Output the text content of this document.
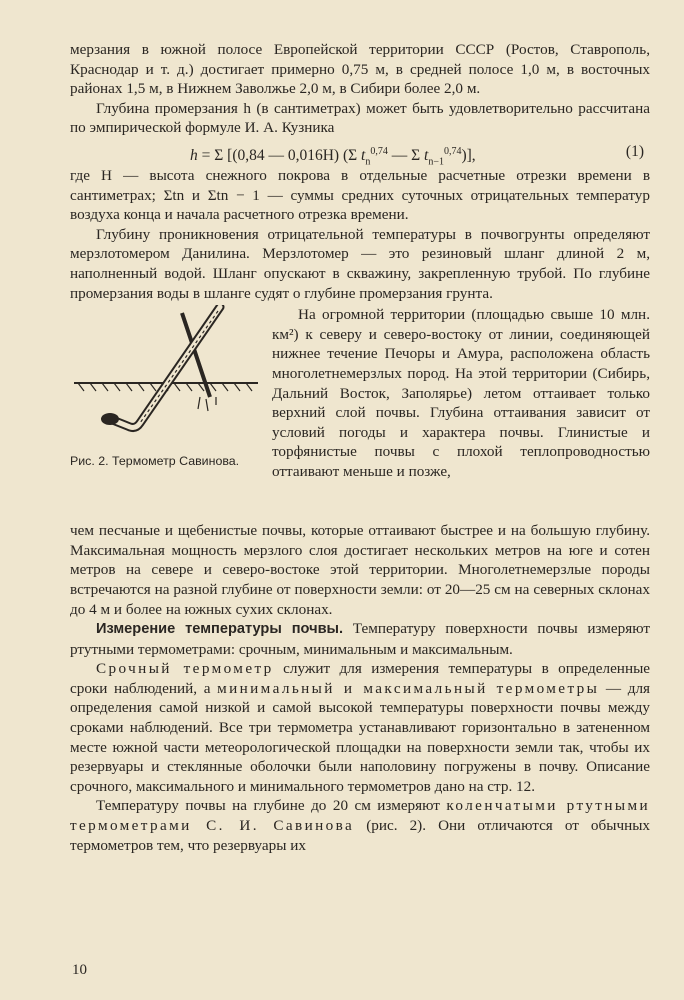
мерзания в южной полосе Европейской территории СССР (Ростов, Ставрополь, Краснодар и т. д.) достигает примерно 0,75 м, в средней полосе 1,0 м, в восточных районах 1,5 м, в Нижнем Заволжье 2,0 м, в Сибири более 2,0 м.

Глубина промерзания h (в сантиметрах) может быть удовлетворительно рассчитана по эмпирической формуле И. А. Кузника

h = Σ [(0,84 — 0,016H) (Σ $t_n^{0,74}$ — Σ $t_{n-1}^{0,74}$)],	(1)

где H — высота снежного покрова в отдельные расчетные отрезки времени в сантиметрах; Σtn и Σtn − 1 — суммы средних суточных отрицательных температур воздуха конца и начала расчетного отрезка времени.

Глубину проникновения отрицательной температуры в почвогрунты определяют мерзлотомером Данилина. Мерзлотомер — это резиновый шланг длиной 2 м, наполненный водой. Шланг опускают в скважину, закрепленную трубой. По глубине промерзания воды в шланге судят о глубине промерзания грунта.

Рис. 2. Термометр Савинова.

На огромной территории (площадью свыше 10 млн. км²) к северу и северо-востоку от линии, соединяющей нижнее течение Печоры и Амура, расположена область многолетнемерзлых пород. На этой территории (Сибирь, Дальний Восток, Заполярье) летом оттаивает только верхний слой почвы. Глубина оттаивания зависит от условий погоды и характера почвы. Глинистые и торфянистые почвы с плохой теплопроводностью оттаивают меньше и позже,

чем песчаные и щебенистые почвы, которые оттаивают быстрее и на большую глубину. Максимальная мощность мерзлого слоя достигает нескольких метров на юге и сотен метров на севере и северо-востоке этой территории. Многолетнемерзлые породы встречаются на разной глубине от поверхности земли: от 20—25 см на северных склонах до 4 м и более на южных сухих склонах.

Измерение температуры почвы. Температуру поверхности почвы измеряют ртутными термометрами: срочным, минимальным и максимальным.

Срочный термометр служит для измерения температуры в определенные сроки наблюдений, а минимальный и максимальный термометры — для определения самой низкой и самой высокой температуры поверхности почвы между сроками наблюдений. Все три термометра устанавливают горизонтально в затененном месте южной части метеорологической площадки на поверхности земли так, чтобы их резервуары и стеклянные оболочки были наполовину погружены в почву. Описание срочного, максимального и минимального термометров дано на стр. 12.

Температуру почвы на глубине до 20 см измеряют коленчатыми ртутными термометрами С. И. Савинова (рис. 2). Они отличаются от обычных термометров тем, что резервуары их

10
